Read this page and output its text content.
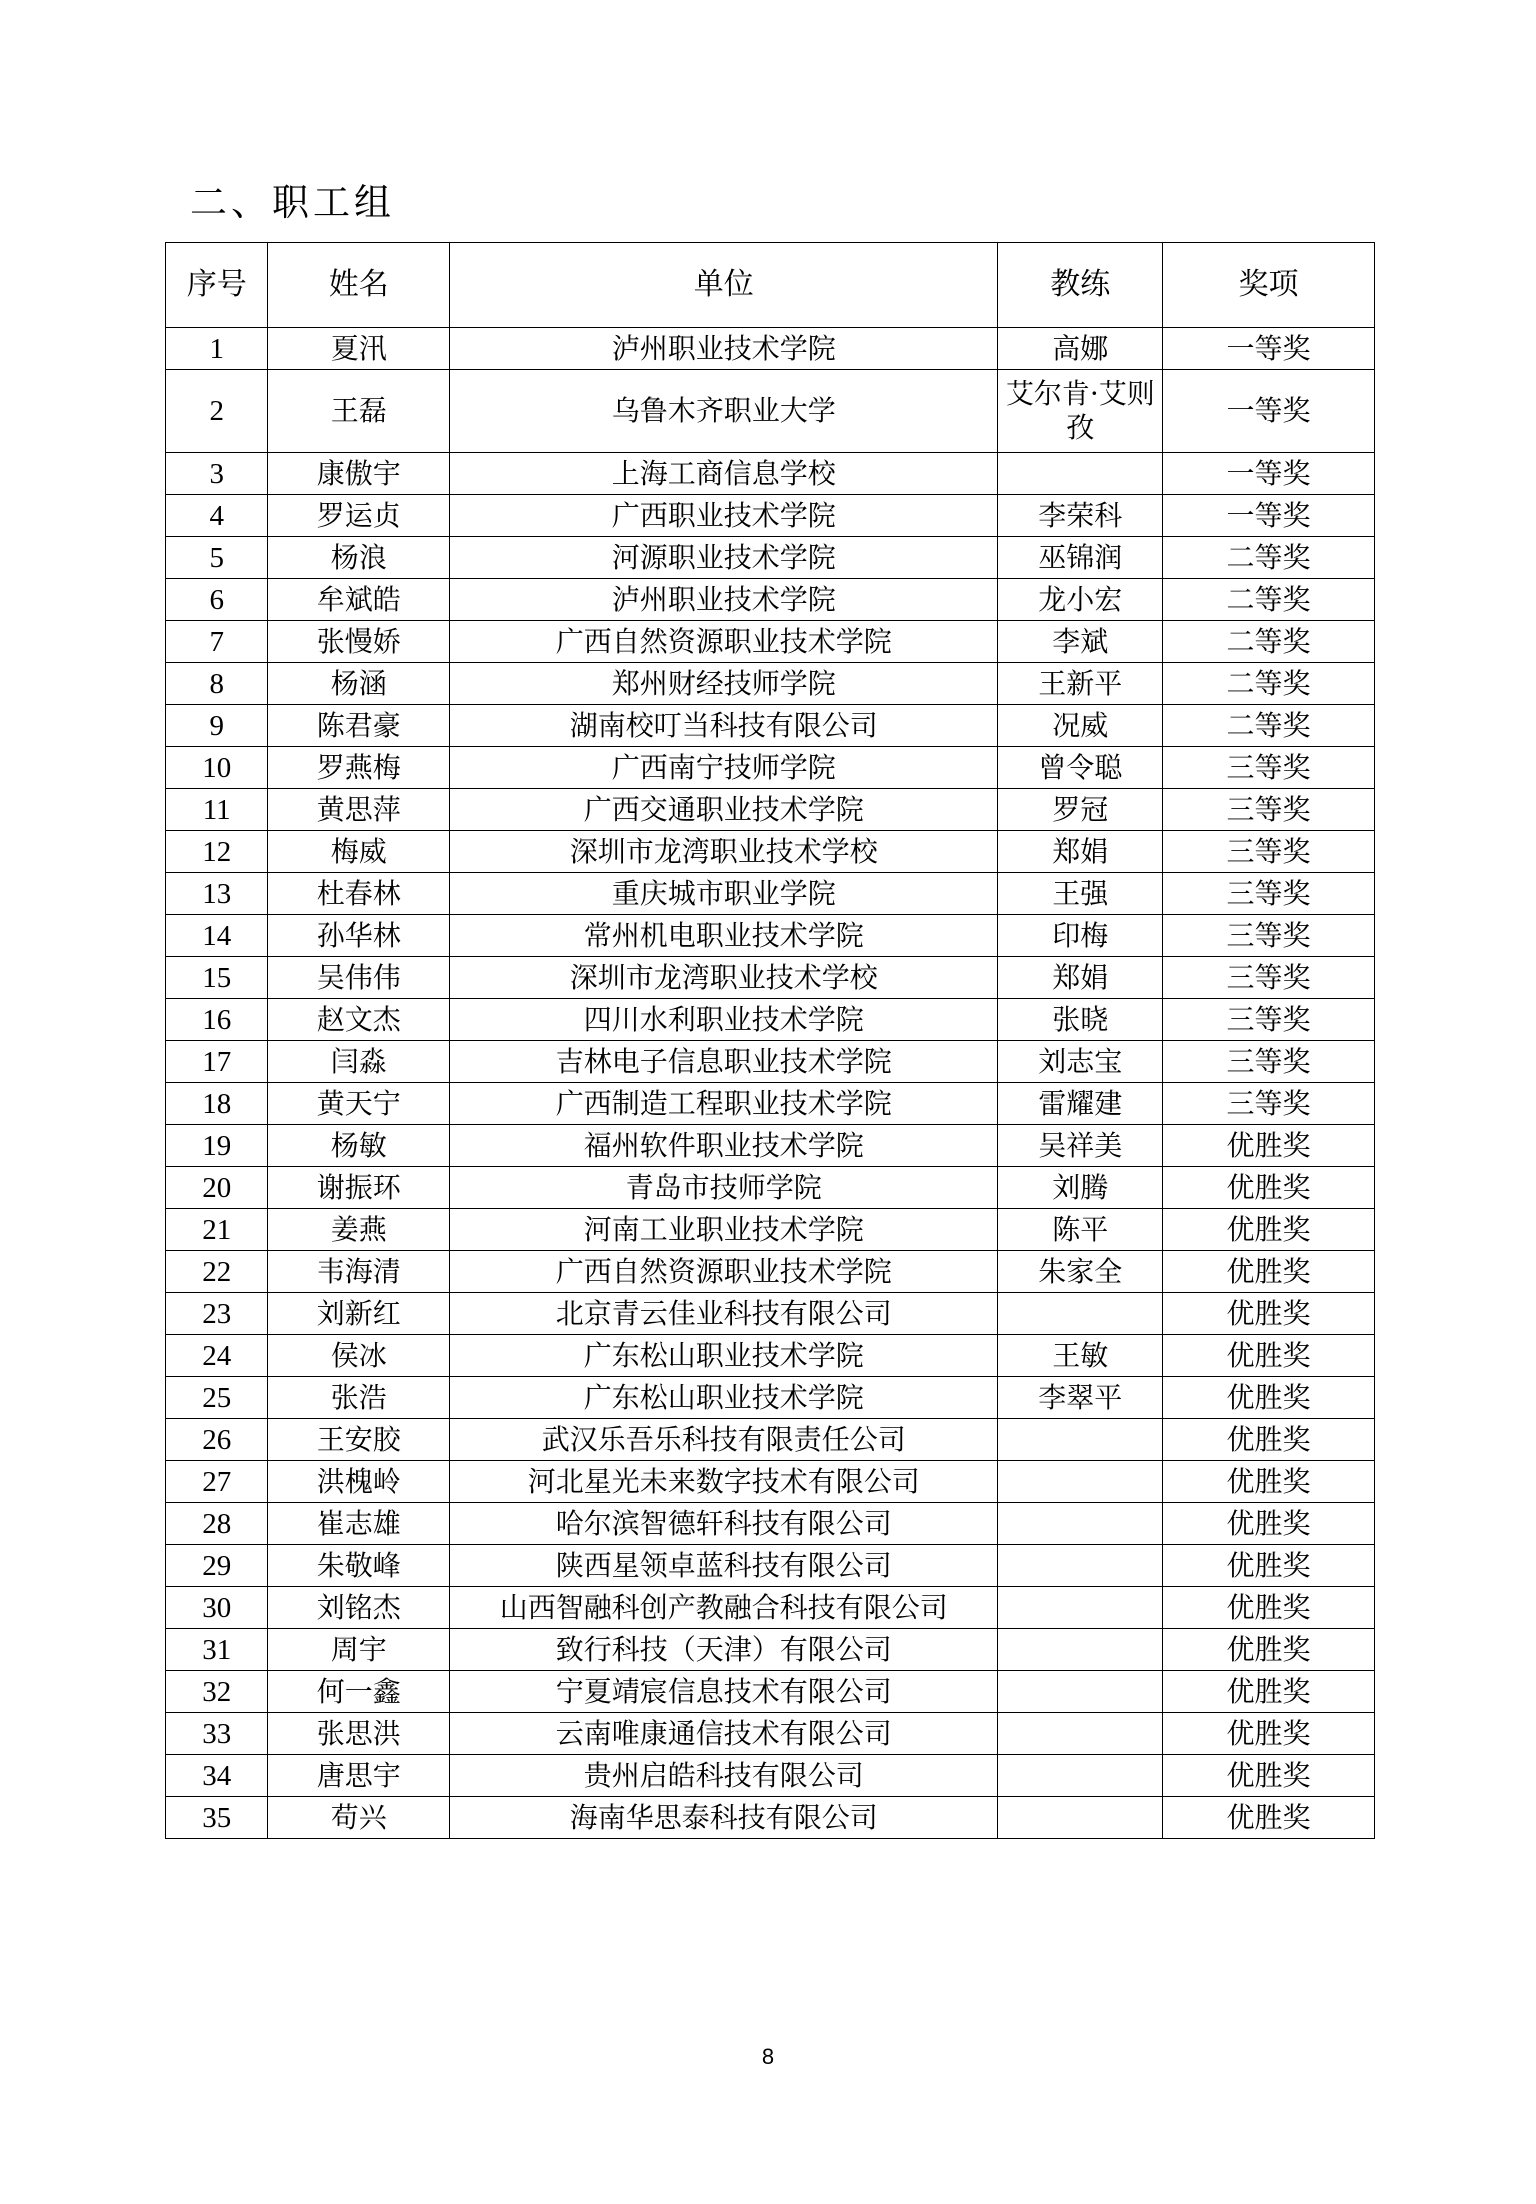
二、职工组
序号	姓名	单位	教练	奖项
1	夏汛	泸州职业技术学院	高娜	一等奖
2	王磊	乌鲁木齐职业大学	艾尔肯·艾则孜	一等奖
3	康傲宇	上海工商信息学校		一等奖
4	罗运贞	广西职业技术学院	李荣科	一等奖
5	杨浪	河源职业技术学院	巫锦润	二等奖
6	牟斌皓	泸州职业技术学院	龙小宏	二等奖
7	张慢娇	广西自然资源职业技术学院	李斌	二等奖
8	杨涵	郑州财经技师学院	王新平	二等奖
9	陈君豪	湖南校叮当科技有限公司	况威	二等奖
10	罗燕梅	广西南宁技师学院	曾令聪	三等奖
11	黄思萍	广西交通职业技术学院	罗冠	三等奖
12	梅威	深圳市龙湾职业技术学校	郑娟	三等奖
13	杜春林	重庆城市职业学院	王强	三等奖
14	孙华林	常州机电职业技术学院	印梅	三等奖
15	吴伟伟	深圳市龙湾职业技术学校	郑娟	三等奖
16	赵文杰	四川水利职业技术学院	张晓	三等奖
17	闫淼	吉林电子信息职业技术学院	刘志宝	三等奖
18	黄天宁	广西制造工程职业技术学院	雷耀建	三等奖
19	杨敏	福州软件职业技术学院	吴祥美	优胜奖
20	谢振环	青岛市技师学院	刘腾	优胜奖
21	姜燕	河南工业职业技术学院	陈平	优胜奖
22	韦海清	广西自然资源职业技术学院	朱家全	优胜奖
23	刘新红	北京青云佳业科技有限公司		优胜奖
24	侯冰	广东松山职业技术学院	王敏	优胜奖
25	张浩	广东松山职业技术学院	李翠平	优胜奖
26	王安胶	武汉乐吾乐科技有限责任公司		优胜奖
27	洪槐岭	河北星光未来数字技术有限公司		优胜奖
28	崔志雄	哈尔滨智德轩科技有限公司		优胜奖
29	朱敬峰	陕西星领卓蓝科技有限公司		优胜奖
30	刘铭杰	山西智融科创产教融合科技有限公司		优胜奖
31	周宇	致行科技（天津）有限公司		优胜奖
32	何一鑫	宁夏靖宸信息技术有限公司		优胜奖
33	张思洪	云南唯康通信技术有限公司		优胜奖
34	唐思宇	贵州启皓科技有限公司		优胜奖
35	苟兴	海南华思泰科技有限公司		优胜奖
8
